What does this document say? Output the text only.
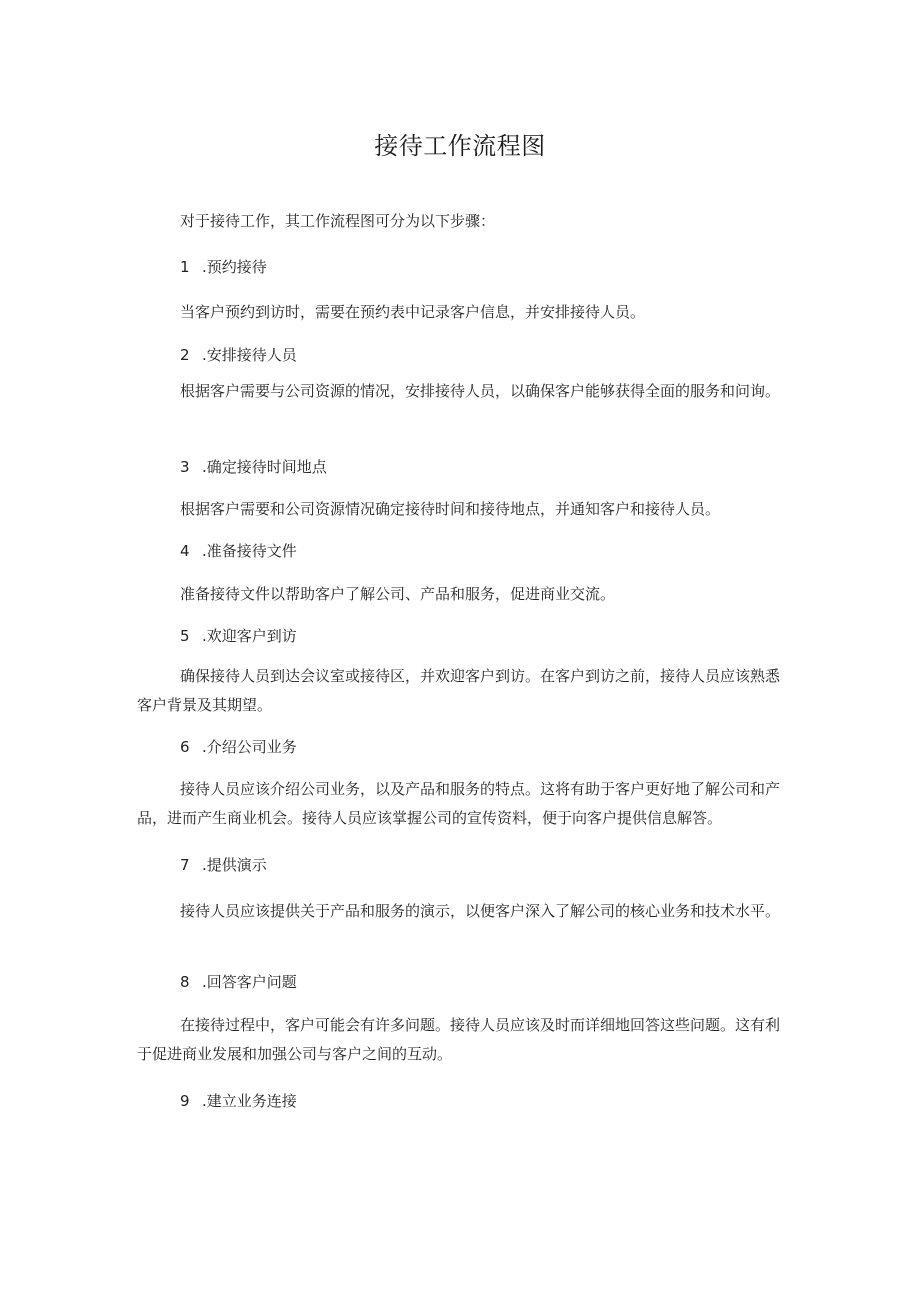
接待工作流程图
对于接待工作，其工作流程图可分为以下步骤：
1 .预约接待
当客户预约到访时，需要在预约表中记录客户信息，并安排接待人员。
2 .安排接待人员
根据客户需要与公司资源的情况，安排接待人员，以确保客户能够获得全面的服务和问询。
3 .确定接待时间地点
根据客户需要和公司资源情况确定接待时间和接待地点，并通知客户和接待人员。
4 .准备接待文件
准备接待文件以帮助客户了解公司、产品和服务，促进商业交流。
5 .欢迎客户到访
确保接待人员到达会议室或接待区，并欢迎客户到访。在客户到访之前，接待人员应该熟悉客户背景及其期望。
6 .介绍公司业务
接待人员应该介绍公司业务，以及产品和服务的特点。这将有助于客户更好地了解公司和产品，进而产生商业机会。接待人员应该掌握公司的宣传资料，便于向客户提供信息解答。
7 .提供演示
接待人员应该提供关于产品和服务的演示，以便客户深入了解公司的核心业务和技术水平。
8 .回答客户问题
在接待过程中，客户可能会有许多问题。接待人员应该及时而详细地回答这些问题。这有利于促进商业发展和加强公司与客户之间的互动。
9 .建立业务连接
